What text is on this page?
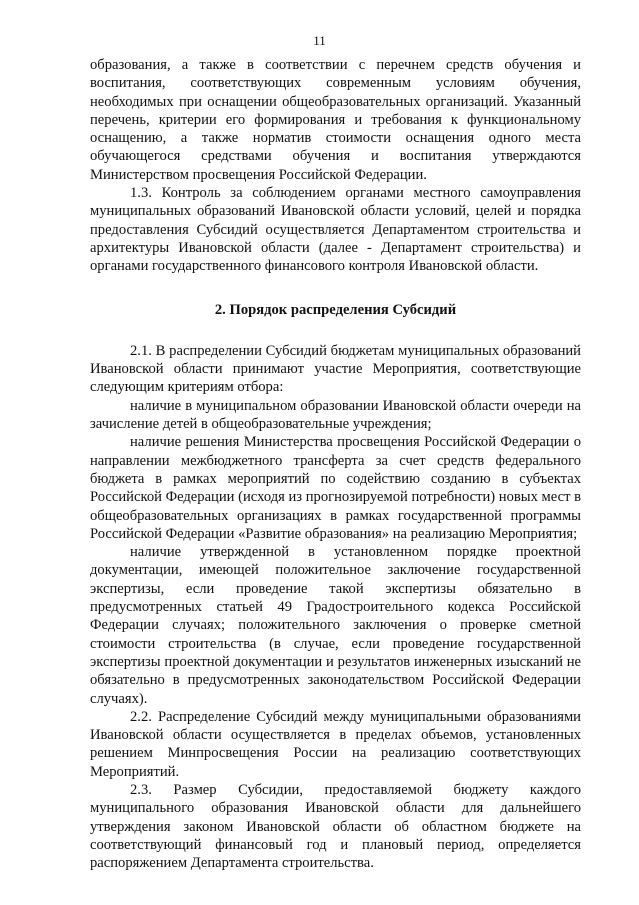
11

образования, а также в соответствии с перечнем средств обучения и воспитания, соответствующих современным условиям обучения, необходимых при оснащении общеобразовательных организаций. Указанный перечень, критерии его формирования и требования к функциональному оснащению, а также норматив стоимости оснащения одного места обучающегося средствами обучения и воспитания утверждаются Министерством просвещения Российской Федерации.

1.3. Контроль за соблюдением органами местного самоуправления муниципальных образований Ивановской области условий, целей и порядка предоставления Субсидий осуществляется Департаментом строительства и архитектуры Ивановской области (далее - Департамент строительства) и органами государственного финансового контроля Ивановской области.

2. Порядок распределения Субсидий

2.1. В распределении Субсидий бюджетам муниципальных образований Ивановской области принимают участие Мероприятия, соответствующие следующим критериям отбора:

наличие в муниципальном образовании Ивановской области очереди на зачисление детей в общеобразовательные учреждения;

наличие решения Министерства просвещения Российской Федерации о направлении межбюджетного трансферта за счет средств федерального бюджета в рамках мероприятий по содействию созданию в субъектах Российской Федерации (исходя из прогнозируемой потребности) новых мест в общеобразовательных организациях в рамках государственной программы Российской Федерации «Развитие образования» на реализацию Мероприятия;

наличие утвержденной в установленном порядке проектной документации, имеющей положительное заключение государственной экспертизы, если проведение такой экспертизы обязательно в предусмотренных статьей 49 Градостроительного кодекса Российской Федерации случаях; положительного заключения о проверке сметной стоимости строительства (в случае, если проведение государственной экспертизы проектной документации и результатов инженерных изысканий не обязательно в предусмотренных законодательством Российской Федерации случаях).

2.2. Распределение Субсидий между муниципальными образованиями Ивановской области осуществляется в пределах объемов, установленных решением Минпросвещения России на реализацию соответствующих Мероприятий.

2.3. Размер Субсидии, предоставляемой бюджету каждого муниципального образования Ивановской области для дальнейшего утверждения законом Ивановской области об областном бюджете на соответствующий финансовый год и плановый период, определяется распоряжением Департамента строительства.
